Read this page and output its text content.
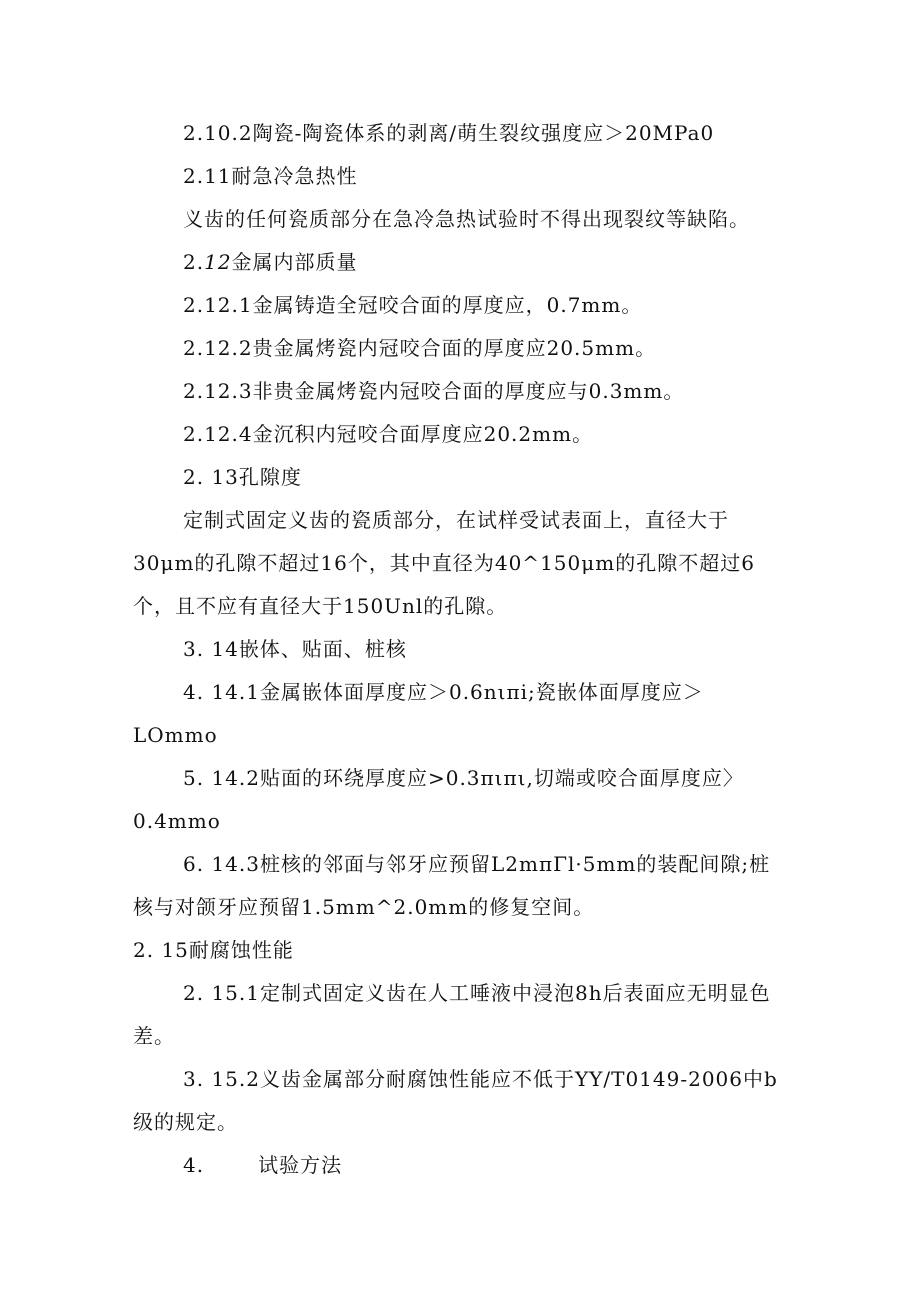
2.10.2陶瓷-陶瓷体系的剥离/萌生裂纹强度应＞20MPa0
2.11耐急冷急热性
义齿的任何瓷质部分在急冷急热试验时不得出现裂纹等缺陷。
2.12金属内部质量
2.12.1金属铸造全冠咬合面的厚度应，0.7mm。
2.12.2贵金属烤瓷内冠咬合面的厚度应20.5mm。
2.12.3非贵金属烤瓷内冠咬合面的厚度应与0.3mm。
2.12.4金沉积内冠咬合面厚度应20.2mm。
2. 13孔隙度
定制式固定义齿的瓷质部分，在试样受试表面上，直径大于
30μm的孔隙不超过16个，其中直径为40^150μm的孔隙不超过6
个，且不应有直径大于150Unl的孔隙。
3. 14嵌体、贴面、桩核
4. 14.1金属嵌体面厚度应＞0.6nιπi;瓷嵌体面厚度应＞
LOmmo
5. 14.2贴面的环绕厚度应>0.3πιπι,切端或咬合面厚度应〉
0.4mmo
6. 14.3桩核的邻面与邻牙应预留L2mπΓl·5mm的装配间隙;桩
核与对颌牙应预留1.5mm^2.0mm的修复空间。
2. 15耐腐蚀性能
2. 15.1定制式固定义齿在人工唾液中浸泡8h后表面应无明显色
差。
3. 15.2义齿金属部分耐腐蚀性能应不低于YY/T0149-2006中b
级的规定。
4.	试验方法
